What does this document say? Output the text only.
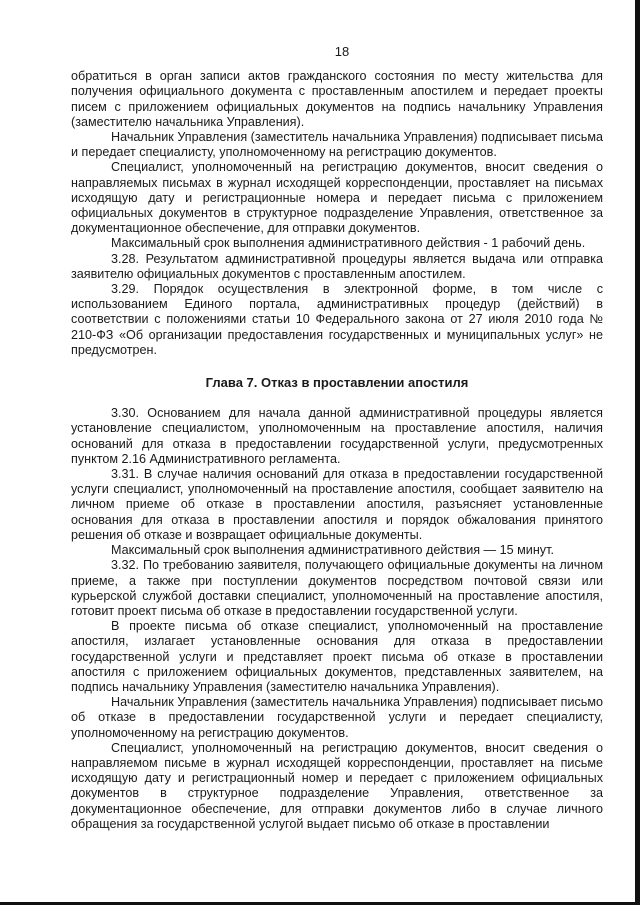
18

обратиться в орган записи актов гражданского состояния по месту жительства для получения официального документа с проставленным апостилем и передает проекты писем с приложением официальных документов на подпись начальнику Управления (заместителю начальника Управления).

Начальник Управления (заместитель начальника Управления) подписывает письма и передает специалисту, уполномоченному на регистрацию документов.

Специалист, уполномоченный на регистрацию документов, вносит сведения о направляемых письмах в журнал исходящей корреспонденции, проставляет на письмах исходящую дату и регистрационные номера и передает письма с приложением официальных документов в структурное подразделение Управления, ответственное за документационное обеспечение, для отправки документов.

Максимальный срок выполнения административного действия - 1 рабочий день.

3.28. Результатом административной процедуры является выдача или отправка заявителю официальных документов с проставленным апостилем.

3.29. Порядок осуществления в электронной форме, в том числе с использованием Единого портала, административных процедур (действий) в соответствии с положениями статьи 10 Федерального закона от 27 июля 2010 года № 210-ФЗ «Об организации предоставления государственных и муниципальных услуг» не предусмотрен.

Глава 7. Отказ в проставлении апостиля

3.30. Основанием для начала данной административной процедуры является установление специалистом, уполномоченным на проставление апостиля, наличия оснований для отказа в предоставлении государственной услуги, предусмотренных пунктом 2.16 Административного регламента.

3.31. В случае наличия оснований для отказа в предоставлении государственной услуги специалист, уполномоченный на проставление апостиля, сообщает заявителю на личном приеме об отказе в проставлении апостиля, разъясняет установленные основания для отказа в проставлении апостиля и порядок обжалования принятого решения об отказе и возвращает официальные документы.

Максимальный срок выполнения административного действия — 15 минут.

3.32. По требованию заявителя, получающего официальные документы на личном приеме, а также при поступлении документов посредством почтовой связи или курьерской службой доставки специалист, уполномоченный на проставление апостиля, готовит проект письма об отказе в предоставлении государственной услуги.

В проекте письма об отказе специалист, уполномоченный на проставление апостиля, излагает установленные основания для отказа в предоставлении государственной услуги и представляет проект письма об отказе в проставлении апостиля с приложением официальных документов, представленных заявителем, на подпись начальнику Управления (заместителю начальника Управления).

Начальник Управления (заместитель начальника Управления) подписывает письмо об отказе в предоставлении государственной услуги и передает специалисту, уполномоченному на регистрацию документов.

Специалист, уполномоченный на регистрацию документов, вносит сведения о направляемом письме в журнал исходящей корреспонденции, проставляет на письме исходящую дату и регистрационный номер и передает с приложением официальных документов в структурное подразделение Управления, ответственное за документационное обеспечение, для отправки документов либо в случае личного обращения за государственной услугой выдает письмо об отказе в проставлении
